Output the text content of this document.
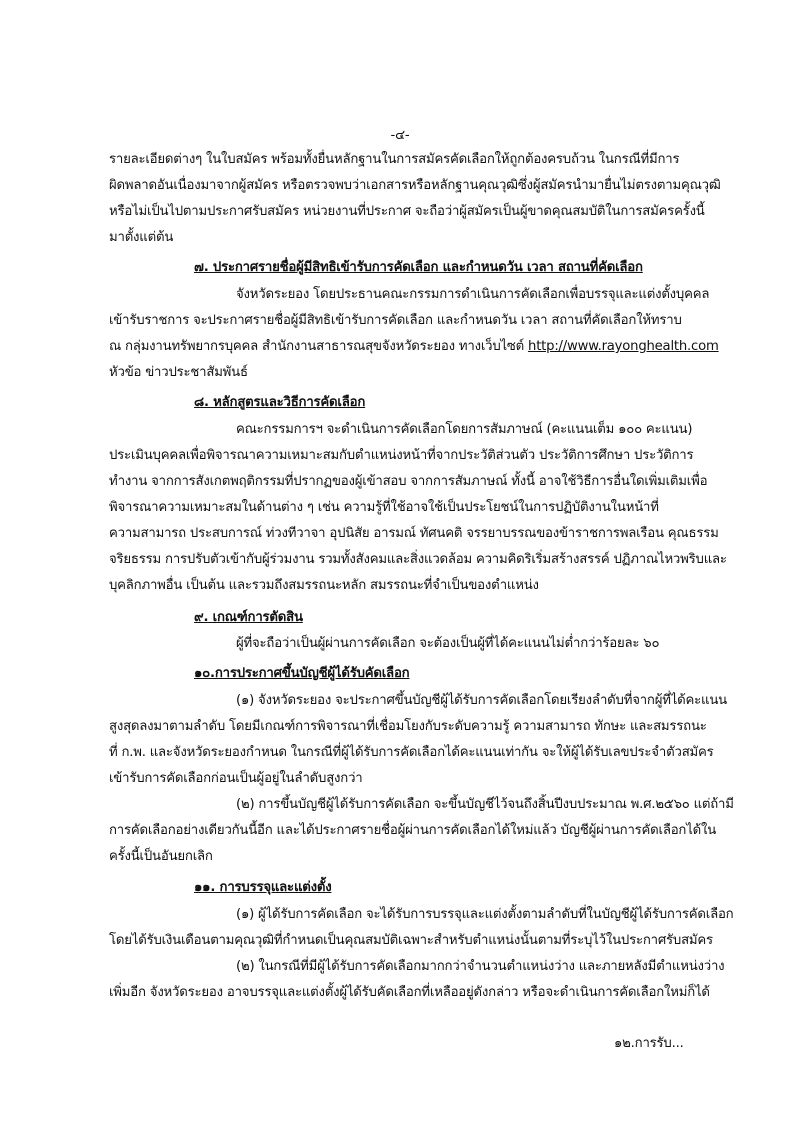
-๔-
รายละเอียดต่างๆ ในใบสมัคร พร้อมทั้งยื่นหลักฐานในการสมัครคัดเลือกให้ถูกต้องครบถ้วน ในกรณีที่มีการ
ผิดพลาดอันเนื่องมาจากผู้สมัคร หรือตรวจพบว่าเอกสารหรือหลักฐานคุณวุฒิซึ่งผู้สมัครนำมายื่นไม่ตรงตามคุณวุฒิ
หรือไม่เป็นไปตามประกาศรับสมัคร หน่วยงานที่ประกาศ จะถือว่าผู้สมัครเป็นผู้ขาดคุณสมบัติในการสมัครครั้งนี้
มาตั้งแต่ต้น
๗. ประกาศรายชื่อผู้มีสิทธิเข้ารับการคัดเลือก และกำหนดวัน เวลา สถานที่คัดเลือก
จังหวัดระยอง โดยประธานคณะกรรมการดำเนินการคัดเลือกเพื่อบรรจุและแต่งตั้งบุคคล
เข้ารับราชการ จะประกาศรายชื่อผู้มีสิทธิเข้ารับการคัดเลือก และกำหนดวัน เวลา สถานที่คัดเลือกให้ทราบ
ณ กลุ่มงานทรัพยากรบุคคล สำนักงานสาธารณสุขจังหวัดระยอง ทางเว็บไซต์ http://www.rayonghealth.com
หัวข้อ ข่าวประชาสัมพันธ์
๘. หลักสูตรและวิธีการคัดเลือก
คณะกรรมการฯ จะดำเนินการคัดเลือกโดยการสัมภาษณ์ (คะแนนเต็ม ๑๐๐ คะแนน)
ประเมินบุคคลเพื่อพิจารณาความเหมาะสมกับตำแหน่งหน้าที่จากประวัติส่วนตัว ประวัติการศึกษา ประวัติการ
ทำงาน จากการสังเกตพฤติกรรมที่ปรากฏของผู้เข้าสอบ จากการสัมภาษณ์ ทั้งนี้ อาจใช้วิธีการอื่นใดเพิ่มเติมเพื่อ
พิจารณาความเหมาะสมในด้านต่าง ๆ เช่น ความรู้ที่ใช้อาจใช้เป็นประโยชน์ในการปฏิบัติงานในหน้าที่
ความสามารถ ประสบการณ์ ท่วงทีวาจา อุปนิสัย อารมณ์ ทัศนคติ จรรยาบรรณของข้าราชการพลเรือน คุณธรรม
จริยธรรม การปรับตัวเข้ากับผู้ร่วมงาน รวมทั้งสังคมและสิ่งแวดล้อม ความคิดริเริ่มสร้างสรรค์ ปฏิภาณไหวพริบและ
บุคลิกภาพอื่น เป็นต้น และรวมถึงสมรรถนะหลัก สมรรถนะที่จำเป็นของตำแหน่ง
๙. เกณฑ์การตัดสิน
ผู้ที่จะถือว่าเป็นผู้ผ่านการคัดเลือก จะต้องเป็นผู้ที่ได้คะแนนไม่ต่ำกว่าร้อยละ ๖๐
๑๐.การประกาศขึ้นบัญชีผู้ได้รับคัดเลือก
(๑) จังหวัดระยอง จะประกาศขึ้นบัญชีผู้ได้รับการคัดเลือกโดยเรียงลำดับที่จากผู้ที่ได้คะแนน
สูงสุดลงมาตามลำดับ โดยมีเกณฑ์การพิจารณาที่เชื่อมโยงกับระดับความรู้ ความสามารถ ทักษะ และสมรรถนะ
ที่ ก.พ. และจังหวัดระยองกำหนด ในกรณีที่ผู้ได้รับการคัดเลือกได้คะแนนเท่ากัน จะให้ผู้ได้รับเลขประจำตัวสมัคร
เข้ารับการคัดเลือกก่อนเป็นผู้อยู่ในลำดับสูงกว่า
(๒) การขึ้นบัญชีผู้ได้รับการคัดเลือก จะขึ้นบัญชีไว้จนถึงสิ้นปีงบประมาณ พ.ศ.๒๕๖๐ แต่ถ้ามี
การคัดเลือกอย่างเดียวกันนี้อีก และได้ประกาศรายชื่อผู้ผ่านการคัดเลือกได้ใหม่แล้ว บัญชีผู้ผ่านการคัดเลือกได้ใน
ครั้งนี้เป็นอันยกเลิก
๑๑. การบรรจุและแต่งตั้ง
(๑) ผู้ได้รับการคัดเลือก จะได้รับการบรรจุและแต่งตั้งตามลำดับที่ในบัญชีผู้ได้รับการคัดเลือก
โดยได้รับเงินเดือนตามคุณวุฒิที่กำหนดเป็นคุณสมบัติเฉพาะสำหรับตำแหน่งนั้นตามที่ระบุไว้ในประกาศรับสมัคร
(๒) ในกรณีที่มีผู้ได้รับการคัดเลือกมากกว่าจำนวนตำแหน่งว่าง และภายหลังมีตำแหน่งว่าง
เพิ่มอีก จังหวัดระยอง อาจบรรจุและแต่งตั้งผู้ได้รับคัดเลือกที่เหลืออยู่ดังกล่าว หรือจะดำเนินการคัดเลือกใหม่ก็ได้
๑๒.การรับ...
